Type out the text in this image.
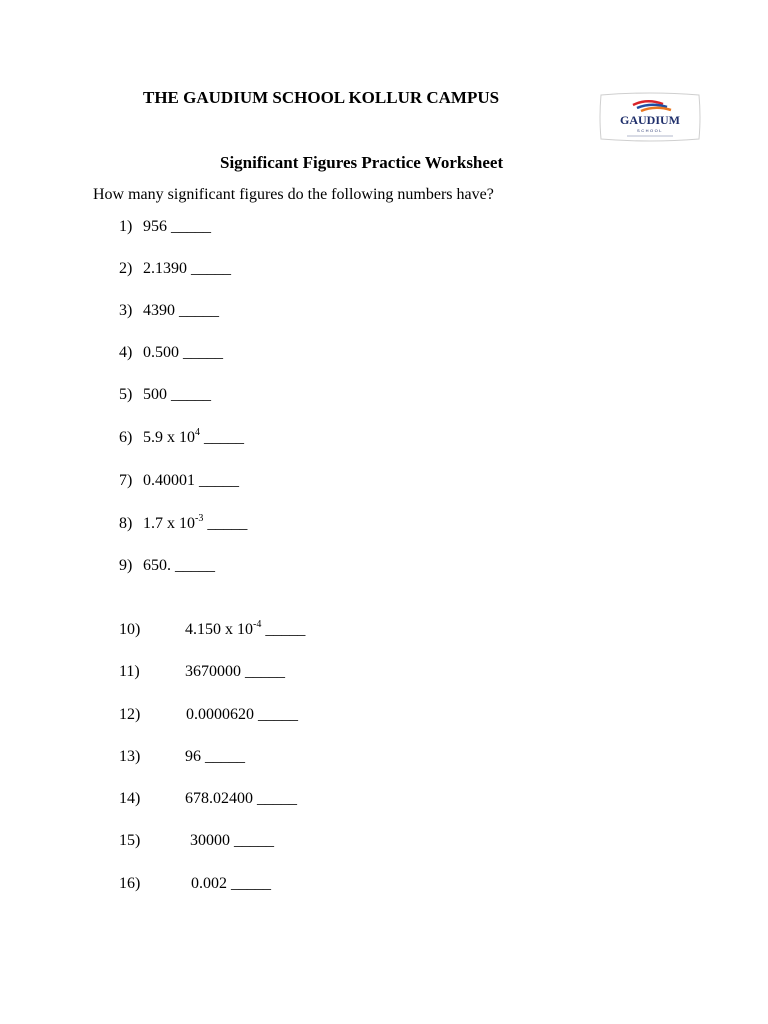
THE GAUDIUM SCHOOL KOLLUR CAMPUS
GAUDIUM
SCHOOL
Significant Figures Practice Worksheet
How many significant figures do the following numbers have?
1) 956 _____
2) 2.1390 _____
3) 4390 _____
4) 0.500 _____
5) 500 _____
6) 5.9 x $10^4$ _____
7) 0.40001 _____
8) 1.7 x $10^{-3}$ _____
9) 650. _____
10)	4.150 x $10^{-4}$ _____
11)	3670000 _____
12)	0.0000620 _____
13)	96 _____
14)	678.02400 _____
15)	30000 _____
16)	0.002 _____
